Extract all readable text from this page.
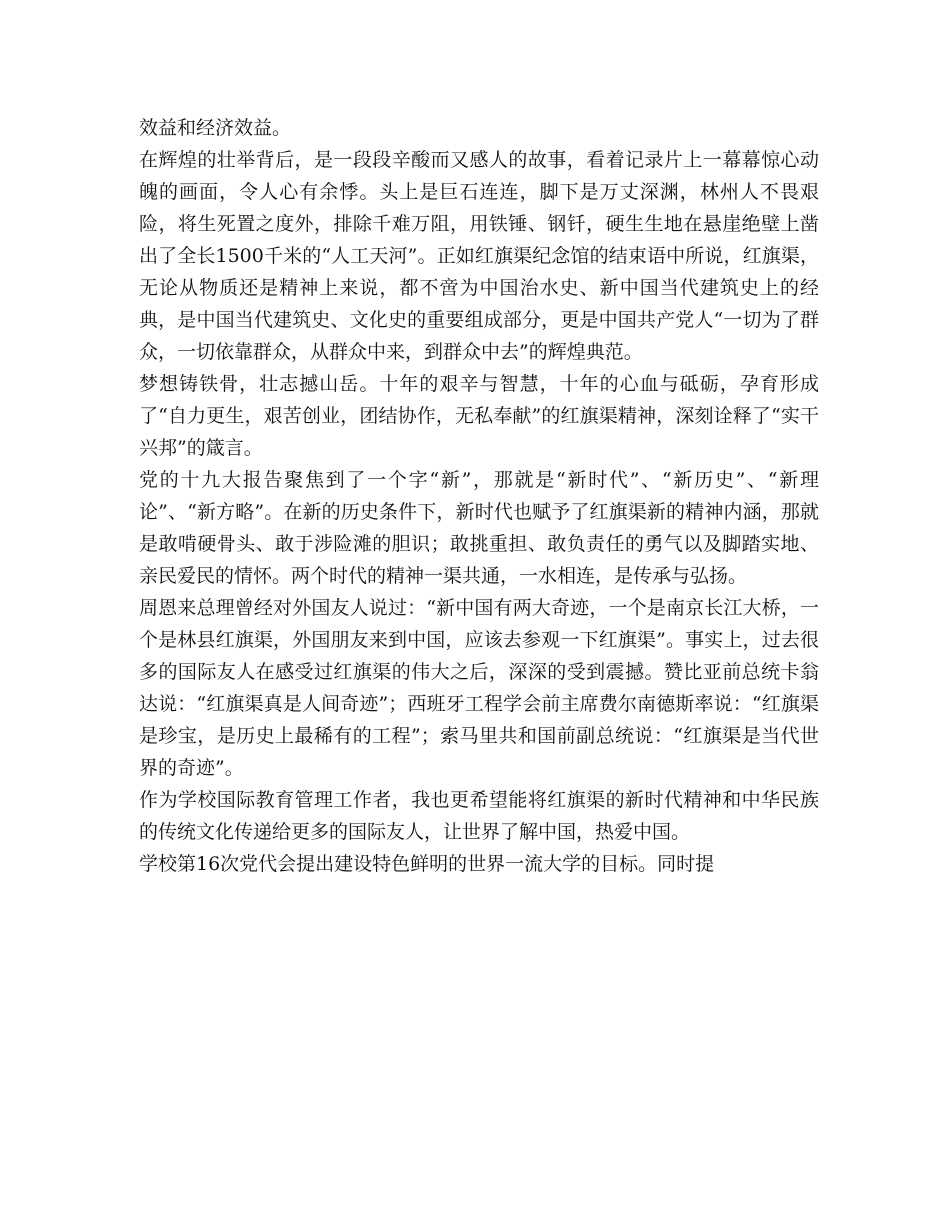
效益和经济效益。

在辉煌的壮举背后，是一段段辛酸而又感人的故事，看着记录片上一幕幕惊心动魄的画面，令人心有余悸。头上是巨石连连，脚下是万丈深渊，林州人不畏艰险，将生死置之度外，排除千难万阻，用铁锤、钢钎，硬生生地在悬崖绝壁上凿出了全长1500千米的“人工天河”。正如红旗渠纪念馆的结束语中所说，红旗渠，无论从物质还是精神上来说，都不啻为中国治水史、新中国当代建筑史上的经典，是中国当代建筑史、文化史的重要组成部分，更是中国共产党人“一切为了群众，一切依靠群众，从群众中来，到群众中去”的辉煌典范。

梦想铸铁骨，壮志撼山岳。十年的艰辛与智慧，十年的心血与砥砺，孕育形成了“自力更生，艰苦创业，团结协作，无私奉献”的红旗渠精神，深刻诠释了“实干兴邦”的箴言。

党的十九大报告聚焦到了一个字“新”，那就是“新时代”、“新历史”、“新理论”、“新方略”。在新的历史条件下，新时代也赋予了红旗渠新的精神内涵，那就是敢啃硬骨头、敢于涉险滩的胆识；敢挑重担、敢负责任的勇气以及脚踏实地、亲民爱民的情怀。两个时代的精神一渠共通，一水相连，是传承与弘扬。

周恩来总理曾经对外国友人说过：“新中国有两大奇迹，一个是南京长江大桥，一个是林县红旗渠，外国朋友来到中国，应该去参观一下红旗渠”。事实上，过去很多的国际友人在感受过红旗渠的伟大之后，深深的受到震撼。赞比亚前总统卡翁达说：“红旗渠真是人间奇迹”；西班牙工程学会前主席费尔南德斯率说：“红旗渠是珍宝，是历史上最稀有的工程”；索马里共和国前副总统说：“红旗渠是当代世界的奇迹”。

作为学校国际教育管理工作者，我也更希望能将红旗渠的新时代精神和中华民族的传统文化传递给更多的国际友人，让世界了解中国，热爱中国。

学校第16次党代会提出建设特色鲜明的世界一流大学的目标。同时提
